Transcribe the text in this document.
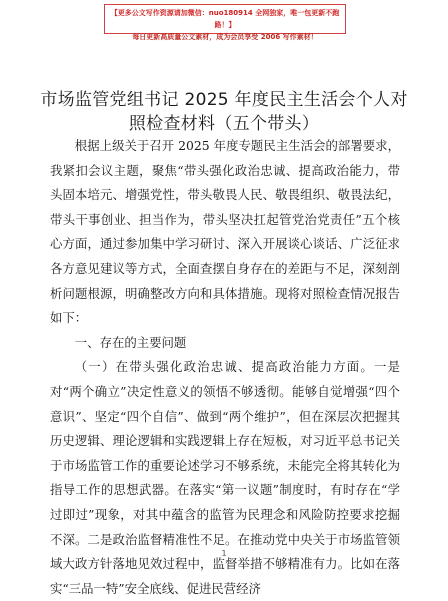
【更多公文写作资源请加微信：nuo180914 全网独家，唯一包更新不跑路！】
每日更新高质量公文素材，成为会员享受 2006 写作素材！
市场监管党组书记 2025 年度民主生活会个人对照检查材料（五个带头）

根据上级关于召开 2025 年度专题民主生活会的部署要求，我紧扣会议主题，聚焦“带头强化政治忠诚、提高政治能力，带头固本培元、增强党性，带头敬畏人民、敬畏组织、敬畏法纪，带头干事创业、担当作为，带头坚决扛起管党治党责任”五个核心方面，通过参加集中学习研讨、深入开展谈心谈话、广泛征求各方意见建议等方式，全面查摆自身存在的差距与不足，深刻剖析问题根源，明确整改方向和具体措施。现将对照检查情况报告如下：

一、存在的主要问题

（一）在带头强化政治忠诚、提高政治能力方面。一是对“两个确立”决定性意义的领悟不够透彻。能够自觉增强“四个意识”、坚定“四个自信”、做到“两个维护”，但在深层次把握其历史逻辑、理论逻辑和实践逻辑上存在短板，对习近平总书记关于市场监管工作的重要论述学习不够系统，未能完全将其转化为指导工作的思想武器。在落实“第一议题”制度时，有时存在“学过即过”现象，对其中蕴含的监管为民理念和风险防控要求挖掘不深。二是政治监督精准性不足。在推动党中央关于市场监管领域大政方针落地见效过程中，监督举措不够精准有力。比如在落实“三品一特”安全底线、促进民营经济

1
